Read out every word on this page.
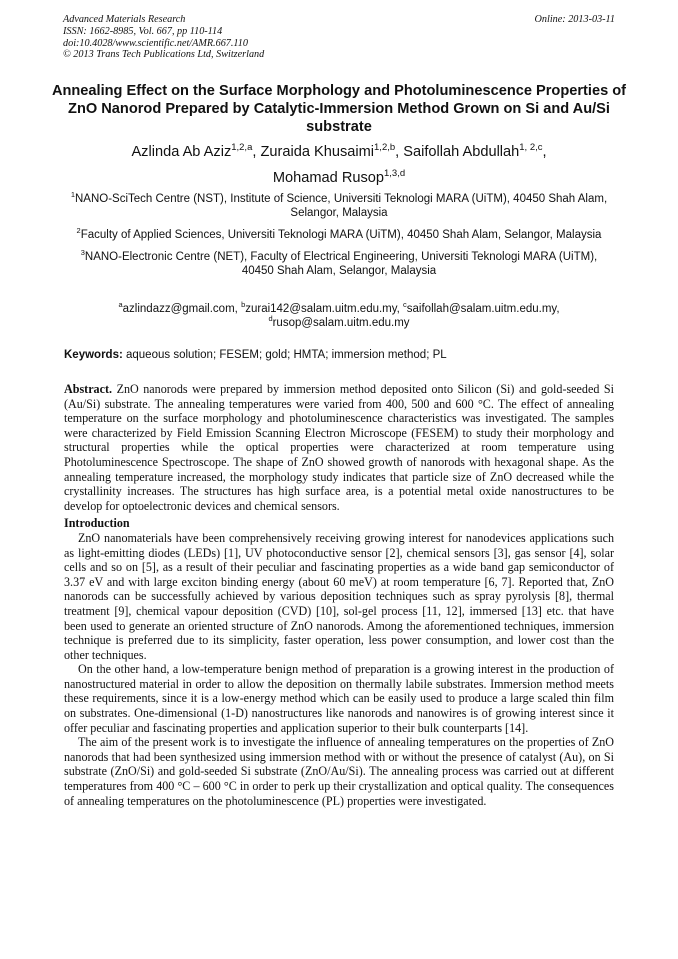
Advanced Materials Research
ISSN: 1662-8985, Vol. 667, pp 110-114
doi:10.4028/www.scientific.net/AMR.667.110
© 2013 Trans Tech Publications Ltd, Switzerland
Online: 2013-03-11
Annealing Effect on the Surface Morphology and Photoluminescence Properties of ZnO Nanorod Prepared by Catalytic-Immersion Method Grown on Si and Au/Si substrate
Azlinda Ab Aziz$^{1,2,a}$, Zuraida Khusaimi$^{1,2,b}$, Saifollah Abdullah$^{1, 2,c}$,
Mohamad Rusop$^{1,3,d}$

$^1$NANO-SciTech Centre (NST), Institute of Science, Universiti Teknologi MARA (UiTM), 40450 Shah Alam, Selangor, Malaysia

$^2$Faculty of Applied Sciences, Universiti Teknologi MARA (UiTM), 40450 Shah Alam, Selangor, Malaysia

$^3$NANO-Electronic Centre (NET), Faculty of Electrical Engineering, Universiti Teknologi MARA (UiTM), 40450 Shah Alam, Selangor, Malaysia

$^a$azlindazz@gmail.com, $^b$zurai142@salam.uitm.edu.my, $^c$saifollah@salam.uitm.edu.my,
$^d$rusop@salam.uitm.edu.my
Keywords: aqueous solution; FESEM; gold; HMTA; immersion method; PL

Abstract. ZnO nanorods were prepared by immersion method deposited onto Silicon (Si) and gold-seeded Si (Au/Si) substrate. The annealing temperatures were varied from 400, 500 and 600 °C. The effect of annealing temperature on the surface morphology and photoluminescence characteristics was investigated. The samples were characterized by Field Emission Scanning Electron Microscope (FESEM) to study their morphology and structural properties while the optical properties were characterized at room temperature using Photoluminescence Spectroscope. The shape of ZnO showed growth of nanorods with hexagonal shape. As the annealing temperature increased, the morphology study indicates that particle size of ZnO decreased while the crystallinity increases. The structures has high surface area, is a potential metal oxide nanostructures to be develop for optoelectronic devices and chemical sensors.

Introduction

ZnO nanomaterials have been comprehensively receiving growing interest for nanodevices applications such as light-emitting diodes (LEDs) [1], UV photoconductive sensor [2], chemical sensors [3], gas sensor [4], solar cells and so on [5], as a result of their peculiar and fascinating properties as a wide band gap semiconductor of 3.37 eV and with large exciton binding energy (about 60 meV) at room temperature [6, 7]. Reported that, ZnO nanorods can be successfully achieved by various deposition techniques such as spray pyrolysis [8], thermal treatment [9], chemical vapour deposition (CVD) [10], sol-gel process [11, 12], immersed [13] etc. that have been used to generate an oriented structure of ZnO nanorods. Among the aforementioned techniques, immersion technique is preferred due to its simplicity, faster operation, less power consumption, and lower cost than the other techniques.

On the other hand, a low-temperature benign method of preparation is a growing interest in the production of nanostructured material in order to allow the deposition on thermally labile substrates. Immersion method meets these requirements, since it is a low-energy method which can be easily used to produce a large scaled thin film on substrates. One-dimensional (1-D) nanostructures like nanorods and nanowires is of growing interest since it offer peculiar and fascinating properties and application superior to their bulk counterparts [14].

The aim of the present work is to investigate the influence of annealing temperatures on the properties of ZnO nanorods that had been synthesized using immersion method with or without the presence of catalyst (Au), on Si substrate (ZnO/Si) and gold-seeded Si substrate (ZnO/Au/Si). The annealing process was carried out at different temperatures from 400 °C – 600 °C in order to perk up their crystallization and optical quality. The consequences of annealing temperatures on the photoluminescence (PL) properties were investigated.
